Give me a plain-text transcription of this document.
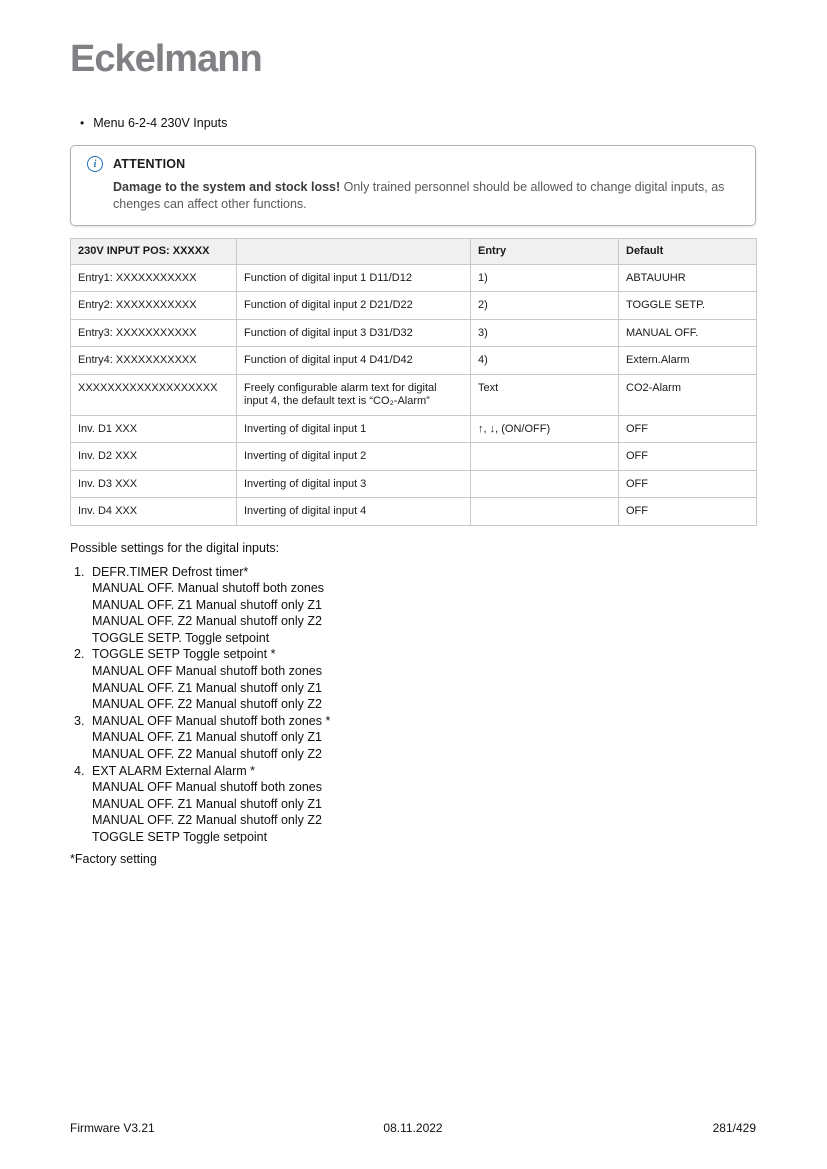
Eckelmann
• Menu 6-2-4 230V Inputs
i	ATTENTION
Damage to the system and stock loss! Only trained personnel should be allowed to change digital inputs, as chenges can affect other functions.
230V INPUT POS: XXXXX		Entry	Default
Entry1: XXXXXXXXXXX	Function of digital input 1 D11/D12	1)	ABTAUUHR
Entry2: XXXXXXXXXXX	Function of digital input 2 D21/D22	2)	TOGGLE SETP.
Entry3: XXXXXXXXXXX	Function of digital input 3 D31/D32	3)	MANUAL OFF.
Entry4: XXXXXXXXXXX	Function of digital input 4 D41/D42	4)	Extern.Alarm
XXXXXXXXXXXXXXXXXXX	Freely configurable alarm text for digital input 4, the default text is “CO₂-Alarm”	Text	CO2-Alarm
Inv. D1 XXX	Inverting of digital input 1	↑, ↓, (ON/OFF)	OFF
Inv. D2 XXX	Inverting of digital input 2		OFF
Inv. D3 XXX	Inverting of digital input 3		OFF
Inv. D4 XXX	Inverting of digital input 4		OFF
Possible settings for the digital inputs:
1. DEFR.TIMER Defrost timer*
MANUAL OFF. Manual shutoff both zones
MANUAL OFF. Z1 Manual shutoff only Z1
MANUAL OFF. Z2 Manual shutoff only Z2
TOGGLE SETP. Toggle setpoint
2. TOGGLE SETP Toggle setpoint *
MANUAL OFF Manual shutoff both zones
MANUAL OFF. Z1 Manual shutoff only Z1
MANUAL OFF. Z2 Manual shutoff only Z2
3. MANUAL OFF Manual shutoff both zones *
MANUAL OFF. Z1 Manual shutoff only Z1
MANUAL OFF. Z2 Manual shutoff only Z2
4. EXT ALARM External Alarm *
MANUAL OFF Manual shutoff both zones
MANUAL OFF. Z1 Manual shutoff only Z1
MANUAL OFF. Z2 Manual shutoff only Z2
TOGGLE SETP Toggle setpoint
*Factory setting
Firmware V3.21	08.11.2022	281/429
